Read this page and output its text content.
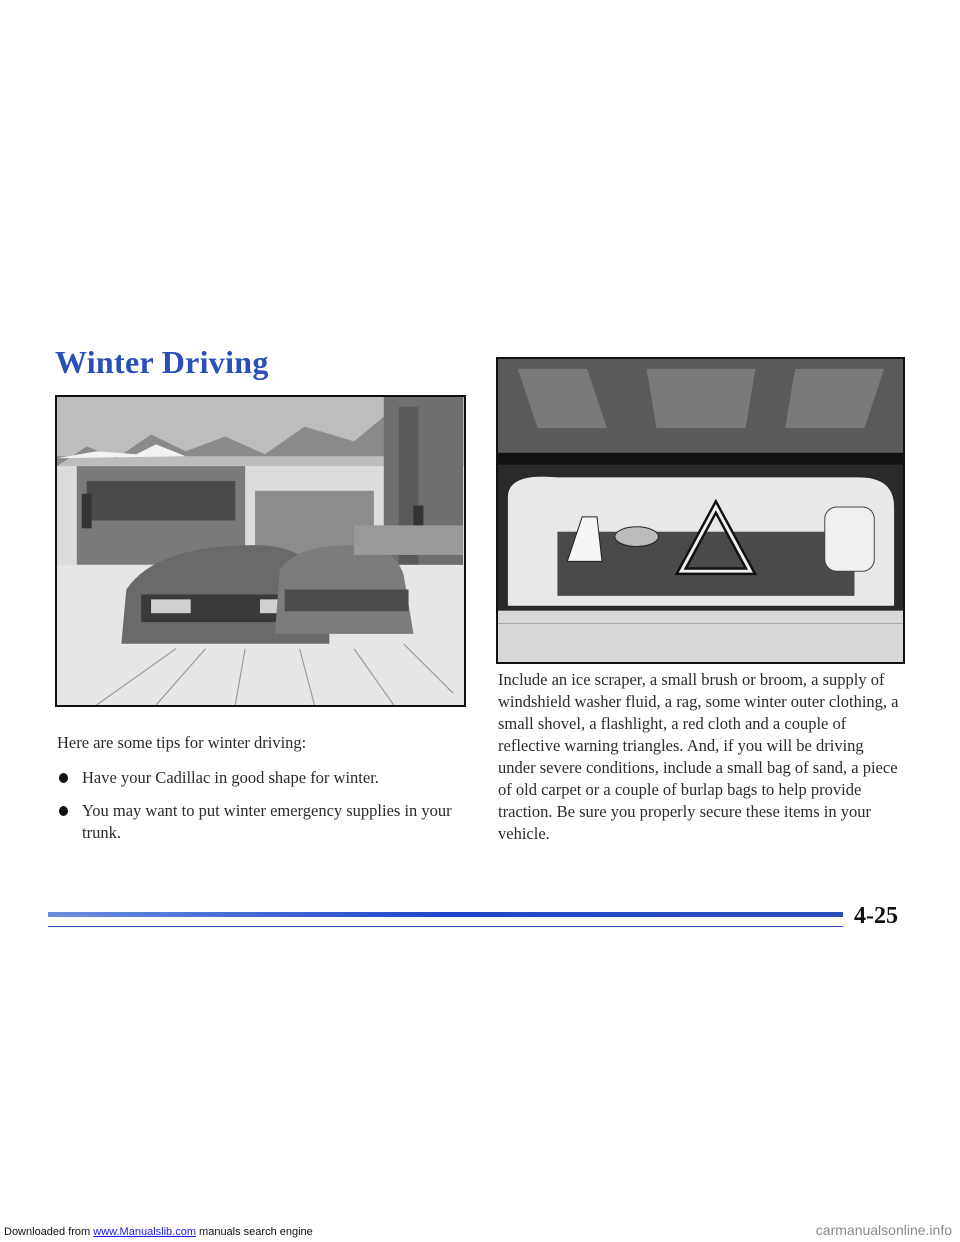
Winter Driving

Here are some tips for winter driving:

Have your Cadillac in good shape for winter.
You may want to put winter emergency supplies in your trunk.

Include an ice scraper, a small brush or broom, a supply of windshield washer fluid, a rag, some winter outer clothing, a small shovel, a flashlight, a red cloth and a couple of reflective warning triangles. And, if you will be driving under severe conditions, include a small bag of sand, a piece of old carpet or a couple of burlap bags to help provide traction. Be sure you properly secure these items in your vehicle.

4-25

Downloaded from www.Manualslib.com manuals search engine	carmanualsonline.info
